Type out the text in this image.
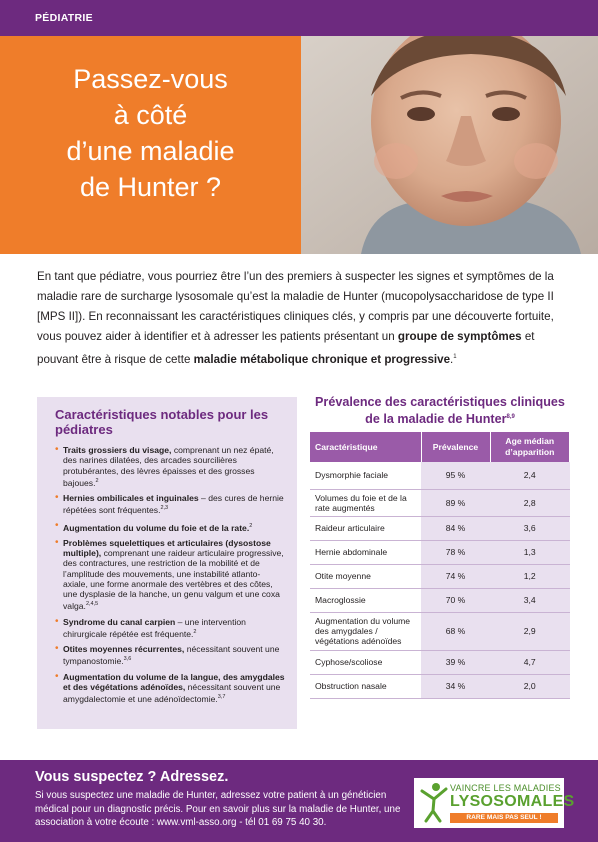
PÉDIATRIE
Passez-vous
à côté
d’une maladie
de Hunter ?

En tant que pédiatre, vous pourriez être l’un des premiers à suspecter les signes et symptômes de la maladie rare de surcharge lysosomale qu’est la maladie de Hunter (mucopolysaccharidose de type II [MPS II]). En reconnaissant les caractéristiques cliniques clés, y compris par une découverte fortuite, vous pouvez aider à identifier et à adresser les patients présentant un groupe de symptômes et pouvant être à risque de cette maladie métabolique chronique et progressive.$^1$

Caractéristiques notables pour les pédiatres
• Traits grossiers du visage, comprenant un nez épaté, des narines dilatées, des arcades sourcilières protubérantes, des lèvres épaisses et des grosses bajoues.$^2$
• Hernies ombilicales et inguinales – des cures de hernie répétées sont fréquentes.$^{2,3}$
• Augmentation du volume du foie et de la rate.$^2$
• Problèmes squelettiques et articulaires (dysostose multiple), comprenant une raideur articulaire progressive, des contractures, une restriction de la mobilité et de l’amplitude des mouvements, une instabilité atlanto-axiale, une forme anormale des vertèbres et des côtes, une dysplasie de la hanche, un genu valgum et une coxa valga.$^{2,4,5}$
• Syndrome du canal carpien – une intervention chirurgicale répétée est fréquente.$^2$
• Otites moyennes récurrentes, nécessitant souvent une tympanostomie.$^{3,6}$
• Augmentation du volume de la langue, des amygdales et des végétations adénoïdes, nécessitant souvent une amygdalectomie et une adénoïdectomie.$^{3,7}$
Prévalence des caractéristiques cliniques de la maladie de Hunter$^{8,9}$
Caractéristique	Prévalence	Age médian d’apparition
Dysmorphie faciale	95 %	2,4
Volumes du foie et de la rate augmentés	89 %	2,8
Raideur articulaire	84 %	3,6
Hernie abdominale	78 %	1,3
Otite moyenne	74 %	1,2
Macroglossie	70 %	3,4
Augmentation du volume des amygdales / végétations adénoïdes	68 %	2,9
Cyphose/scoliose	39 %	4,7
Obstruction nasale	34 %	2,0
Vous suspectez ? Adressez.

Si vous suspectez une maladie de Hunter, adressez votre patient à un généticien médical pour un diagnostic précis. Pour en savoir plus sur la maladie de Hunter, une association à votre écoute : www.vml-asso.org - tél 01 69 75 40 30.

VAINCRE LES MALADIES
LYSOSOMALES
RARE MAIS PAS SEUL !
